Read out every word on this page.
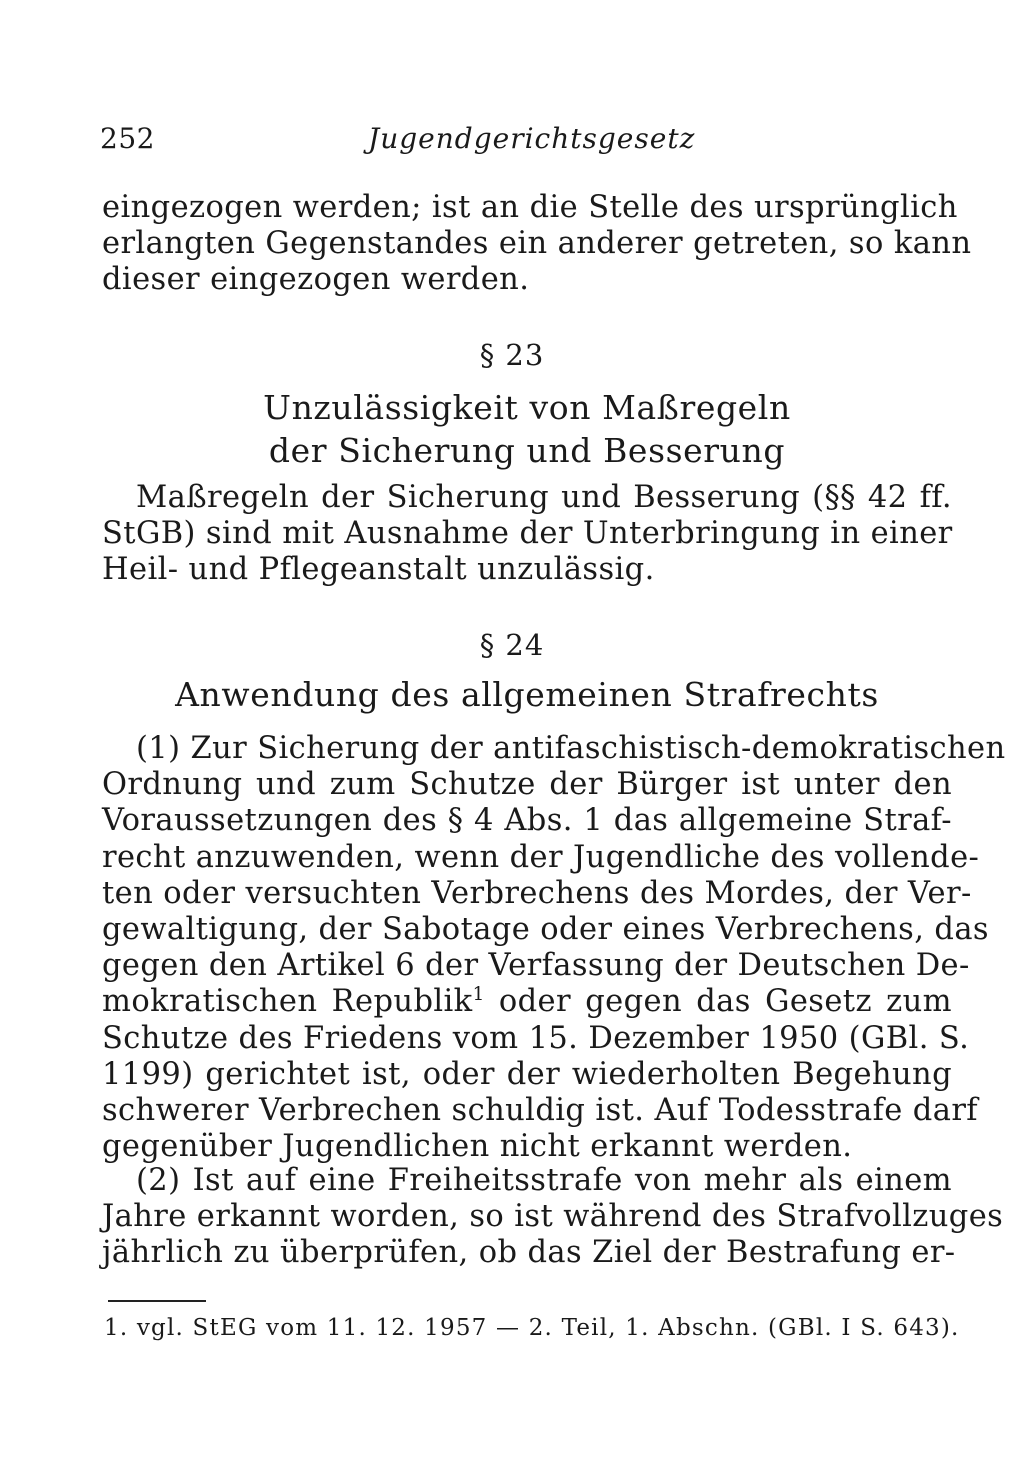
252	Jugendgerichtsgesetz
eingezogen werden; ist an die Stelle des ursprünglich
erlangten Gegenstandes ein anderer getreten, so kann
dieser eingezogen werden.
§ 23
Unzulässigkeit von Maßregeln
der Sicherung und Besserung
Maßregeln der Sicherung und Besserung (§§ 42 ff.
StGB) sind mit Ausnahme der Unterbringung in einer
Heil- und Pflegeanstalt unzulässig.
§ 24
Anwendung des allgemeinen Strafrechts
(1) Zur Sicherung der antifaschistisch-demokratischen
Ordnung und zum Schutze der Bürger ist unter den
Voraussetzungen des § 4 Abs. 1 das allgemeine Straf-
recht anzuwenden, wenn der Jugendliche des vollende-
ten oder versuchten Verbrechens des Mordes, der Ver-
gewaltigung, der Sabotage oder eines Verbrechens, das
gegen den Artikel 6 der Verfassung der Deutschen De-
mokratischen Republik$^1$ oder gegen das Gesetz zum
Schutze des Friedens vom 15. Dezember 1950 (GBl. S.
1199) gerichtet ist, oder der wiederholten Begehung
schwerer Verbrechen schuldig ist. Auf Todesstrafe darf
gegenüber Jugendlichen nicht erkannt werden.
(2) Ist auf eine Freiheitsstrafe von mehr als einem
Jahre erkannt worden, so ist während des Strafvollzuges
jährlich zu überprüfen, ob das Ziel der Bestrafung er-
1. vgl. StEG vom 11. 12. 1957 — 2. Teil, 1. Abschn. (GBl. I S. 643).
